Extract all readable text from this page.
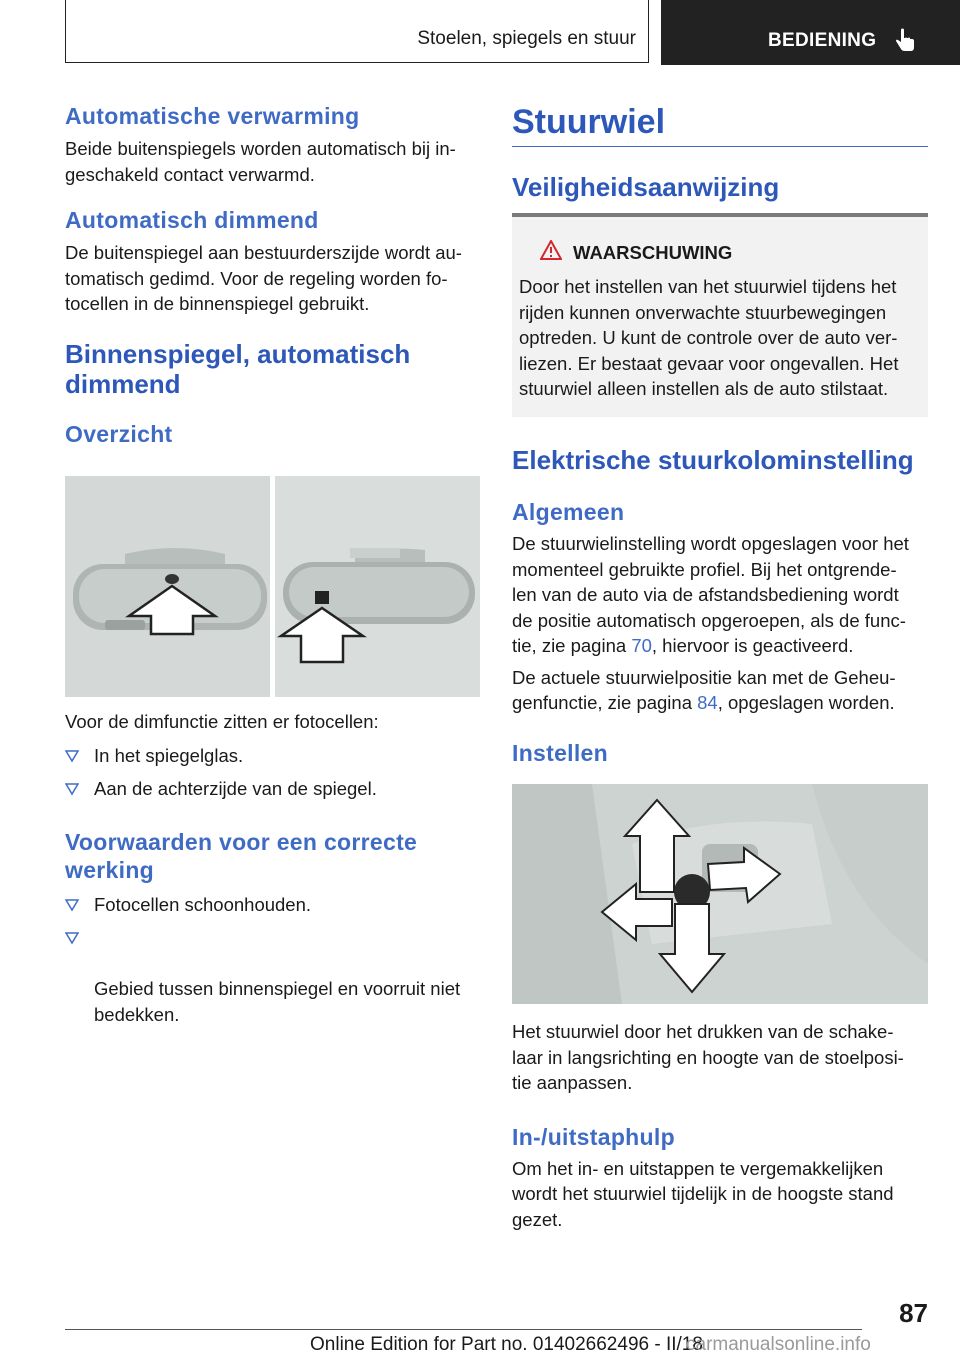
Stoelen, spiegels en stuur	BEDIENING
Automatische verwarming

Beide buitenspiegels worden automatisch bij in-
geschakeld contact verwarmd.

Automatisch dimmend

De buitenspiegel aan bestuurderszijde wordt au-
tomatisch gedimd. Voor de regeling worden fo-
tocellen in de binnenspiegel gebruikt.

Binnenspiegel, automatisch
dimmend
Overzicht

Voor de dimfunctie zitten er fotocellen:

In het spiegelglas.
Aan de achterzijde van de spiegel.
Voorwaarden voor een correcte
werking
Fotocellen schoonhouden.

Gebied tussen binnenspiegel en voorruit niet
bedekken.

Stuurwiel
Veiligheidsaanwijzing
WAARSCHUWING

Door het instellen van het stuurwiel tijdens het
rijden kunnen onverwachte stuurbewegingen
optreden. U kunt de controle over de auto ver-
liezen. Er bestaat gevaar voor ongevallen. Het
stuurwiel alleen instellen als de auto stilstaat.

Elektrische stuurkolominstelling
Algemeen

De stuurwielinstelling wordt opgeslagen voor het
momenteel gebruikte profiel. Bij het ontgrende-
len van de auto via de afstandsbediening wordt
de positie automatisch opgeroepen, als de func-
tie, zie pagina 70, hiervoor is geactiveerd.

De actuele stuurwielpositie kan met de Geheu-
genfunctie, zie pagina 84, opgeslagen worden.

Instellen

Het stuurwiel door het drukken van de schake-
laar in langsrichting en hoogte van de stoelposi-
tie aanpassen.

In-/uitstaphulp

Om het in- en uitstappen te vergemakkelijken
wordt het stuurwiel tijdelijk in de hoogste stand
gezet.

87
Online Edition for Part no. 01402662496 - II/18
carmanualsonline.info
